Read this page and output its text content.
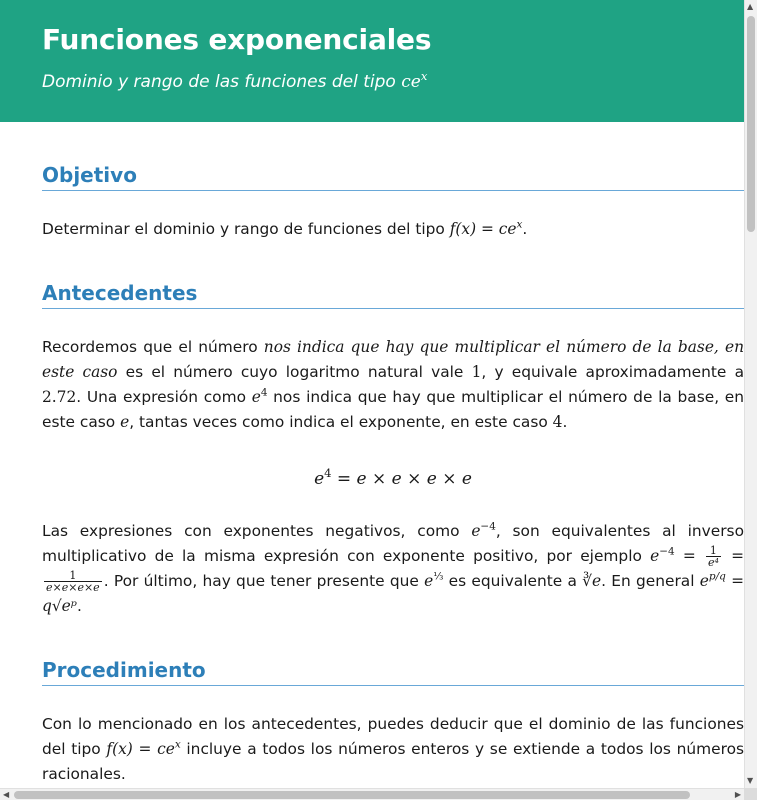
Funciones exponenciales
Dominio y rango de las funciones del tipo $ce^x$
Objetivo

Determinar el dominio y rango de funciones del tipo $f(x) = ce^x$.

Antecedentes

Recordemos que el número nos indica que hay que multiplicar el número de la base, en este caso es el número cuyo logaritmo natural vale 1, y equivale aproximadamente a 2.72. Una expresión como $e^4$ nos indica que hay que multiplicar el número de la base, en este caso e, tantas veces como indica el exponente, en este caso 4.

$e^4 = e \times e \times e \times e$

Las expresiones con exponentes negativos, como $e^{-4}$, son equivalentes al inverso multiplicativo de la misma expresión con exponente positivo, por ejemplo $e^{-4} = \frac{1}{\text{e⁴}}$ =
$\frac{1}{e\times e\times e\times e}$ . Por último, hay que tener presente que $e^{\frac{1}{3}}$ es equivalente a ∛e. En general $e^{p/q}$ = q√eᵖ.

Procedimiento

Con lo mencionado en los antecedentes, puedes deducir que el dominio de las funciones del tipo $f(x) = ce^x$ incluye a todos los números enteros y se extiende a todos los números racionales.

▲
▼
◀	▶
